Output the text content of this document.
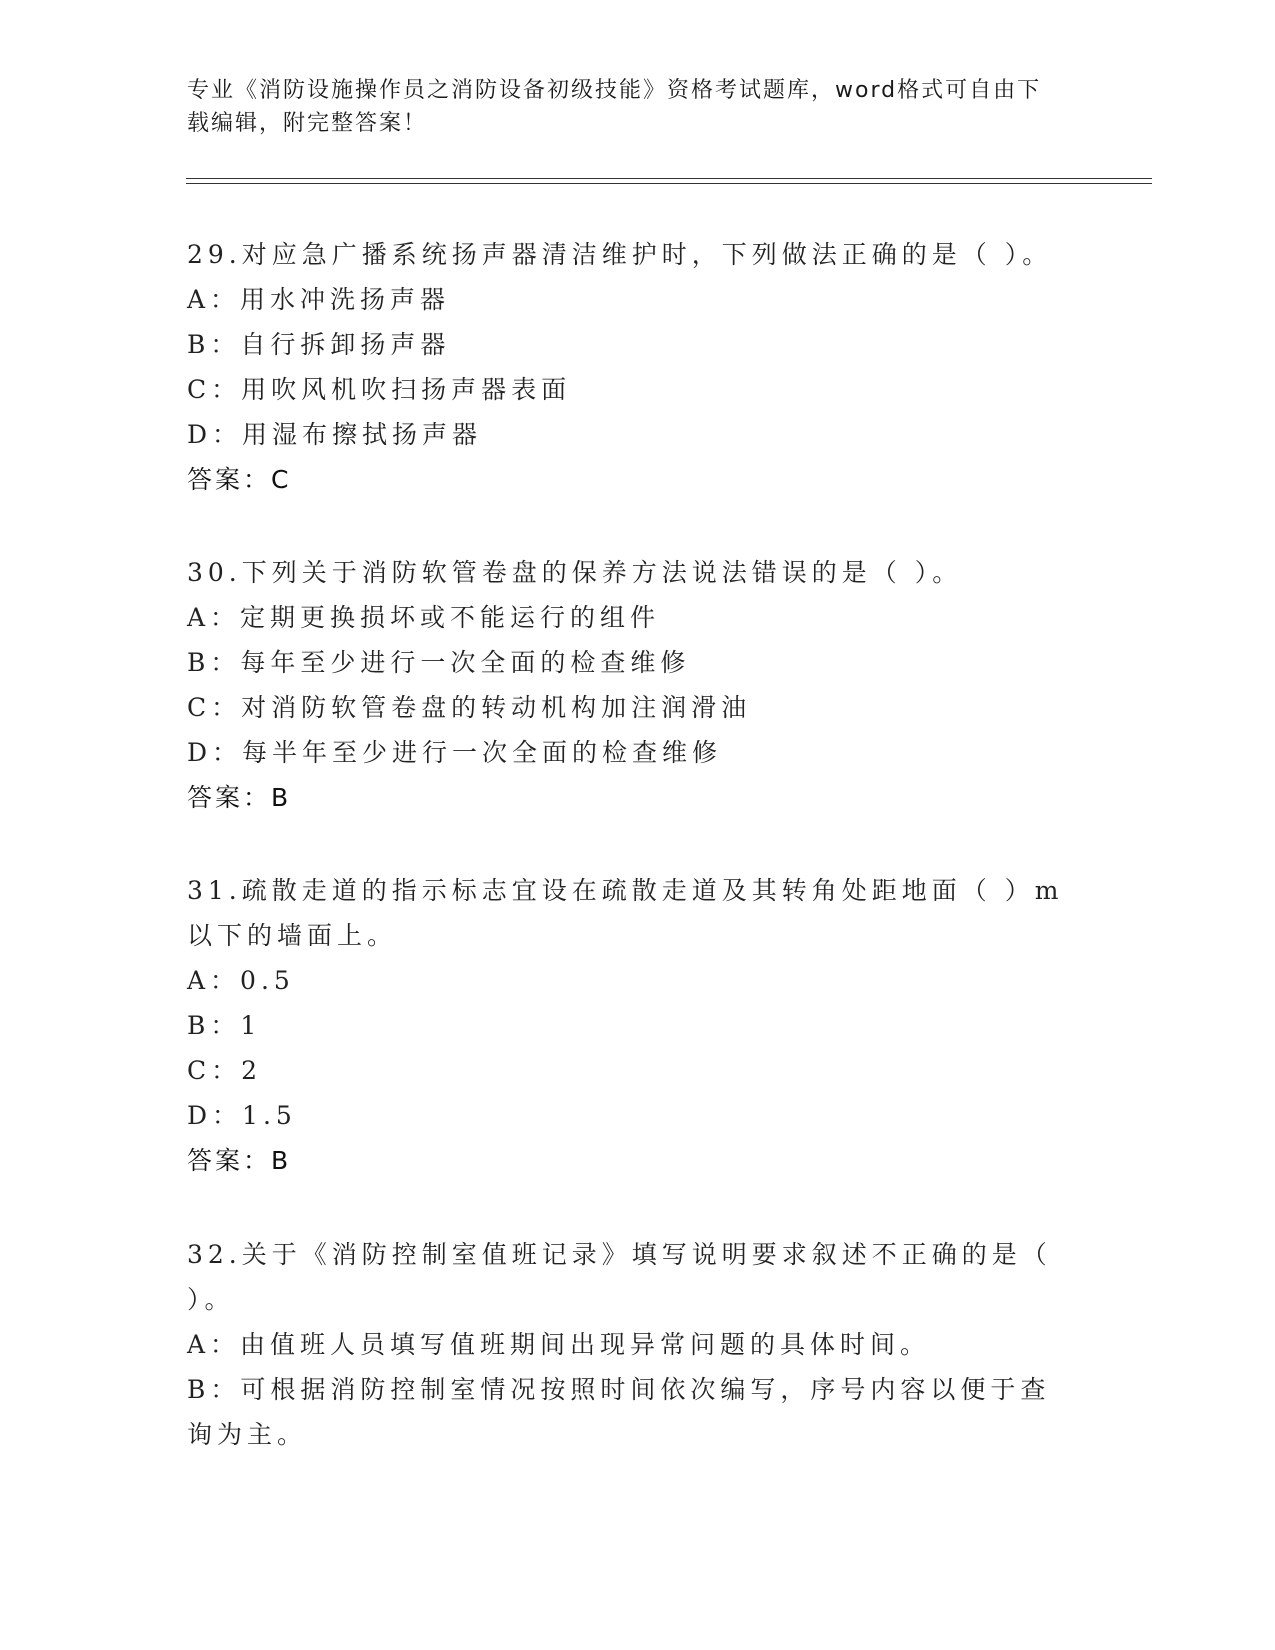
专业《消防设施操作员之消防设备初级技能》资格考试题库，word格式可自由下
载编辑，附完整答案！

29.对应急广播系统扬声器清洁维护时，下列做法正确的是（ ）。

A：用水冲洗扬声器

B：自行拆卸扬声器

C：用吹风机吹扫扬声器表面

D：用湿布擦拭扬声器

答案：C

30.下列关于消防软管卷盘的保养方法说法错误的是（ ）。

A：定期更换损坏或不能运行的组件

B：每年至少进行一次全面的检查维修

C：对消防软管卷盘的转动机构加注润滑油

D：每半年至少进行一次全面的检查维修

答案：B

31.疏散走道的指示标志宜设在疏散走道及其转角处距地面（ ）m以下的墙面上。

A：0.5

B：1

C：2

D：1.5

答案：B

32.关于《消防控制室值班记录》填写说明要求叙述不正确的是（ ）。

A：由值班人员填写值班期间出现异常问题的具体时间。

B：可根据消防控制室情况按照时间依次编写，序号内容以便于查询为主。
